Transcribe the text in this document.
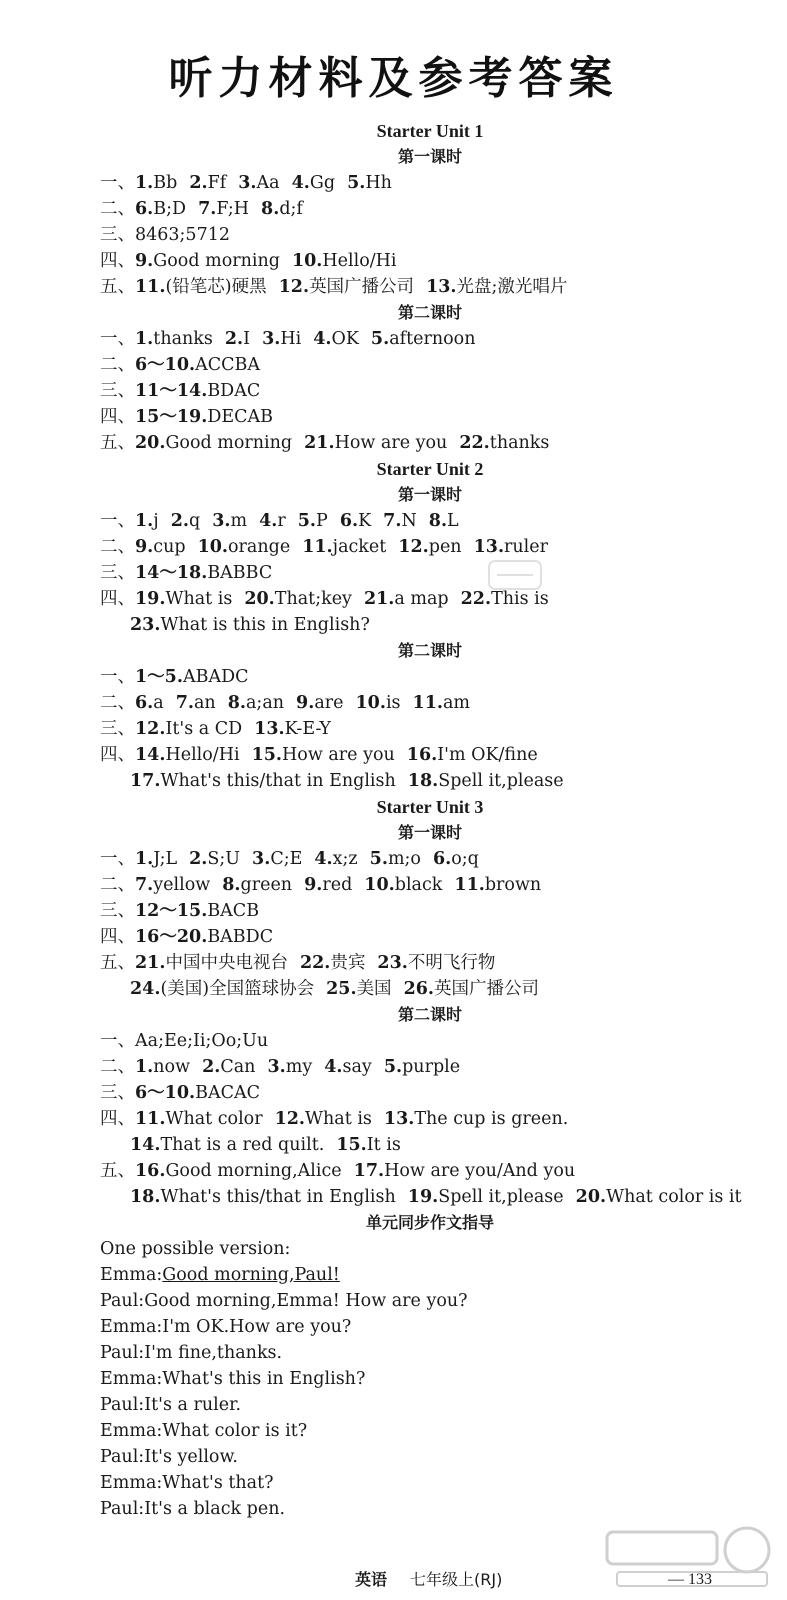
听力材料及参考答案
Starter Unit 1
第一课时
一、1.Bb 2.Ff 3.Aa 4.Gg 5.Hh
二、6.B;D 7.F;H 8.d;f
三、8463;5712
四、9.Good morning 10.Hello/Hi
五、11.(铅笔芯)硬黑 12.英国广播公司 13.光盘;激光唱片
第二课时
一、1.thanks 2.I 3.Hi 4.OK 5.afternoon
二、6～10.ACCBA
三、11～14.BDAC
四、15～19.DECAB
五、20.Good morning 21.How are you 22.thanks
Starter Unit 2
第一课时
一、1.j 2.q 3.m 4.r 5.P 6.K 7.N 8.L
二、9.cup 10.orange 11.jacket 12.pen 13.ruler
三、14～18.BABBC
四、19.What is 20.That;key 21.a map 22.This is
23.What is this in English?
第二课时
一、1～5.ABADC
二、6.a 7.an 8.a;an 9.are 10.is 11.am
三、12.It's a CD 13.K-E-Y
四、14.Hello/Hi 15.How are you 16.I'm OK/fine
17.What's this/that in English 18.Spell it,please
Starter Unit 3
第一课时
一、1.J;L 2.S;U 3.C;E 4.x;z 5.m;o 6.o;q
二、7.yellow 8.green 9.red 10.black 11.brown
三、12～15.BACB
四、16～20.BABDC
五、21.中国中央电视台 22.贵宾 23.不明飞行物
24.(美国)全国篮球协会 25.美国 26.英国广播公司
第二课时
一、Aa;Ee;Ii;Oo;Uu
二、1.now 2.Can 3.my 4.say 5.purple
三、6～10.BACAC
四、11.What color 12.What is 13.The cup is green.
14.That is a red quilt. 15.It is
五、16.Good morning,Alice 17.How are you/And you
18.What's this/that in English 19.Spell it,please 20.What color is it
单元同步作文指导
One possible version:
Emma:Good morning,Paul!
Paul:Good morning,Emma! How are you?
Emma:I'm OK.How are you?
Paul:I'm fine,thanks.
Emma:What's this in English?
Paul:It's a ruler.
Emma:What color is it?
Paul:It's yellow.
Emma:What's that?
Paul:It's a black pen.
英语 七年级上(RJ)	— 133
